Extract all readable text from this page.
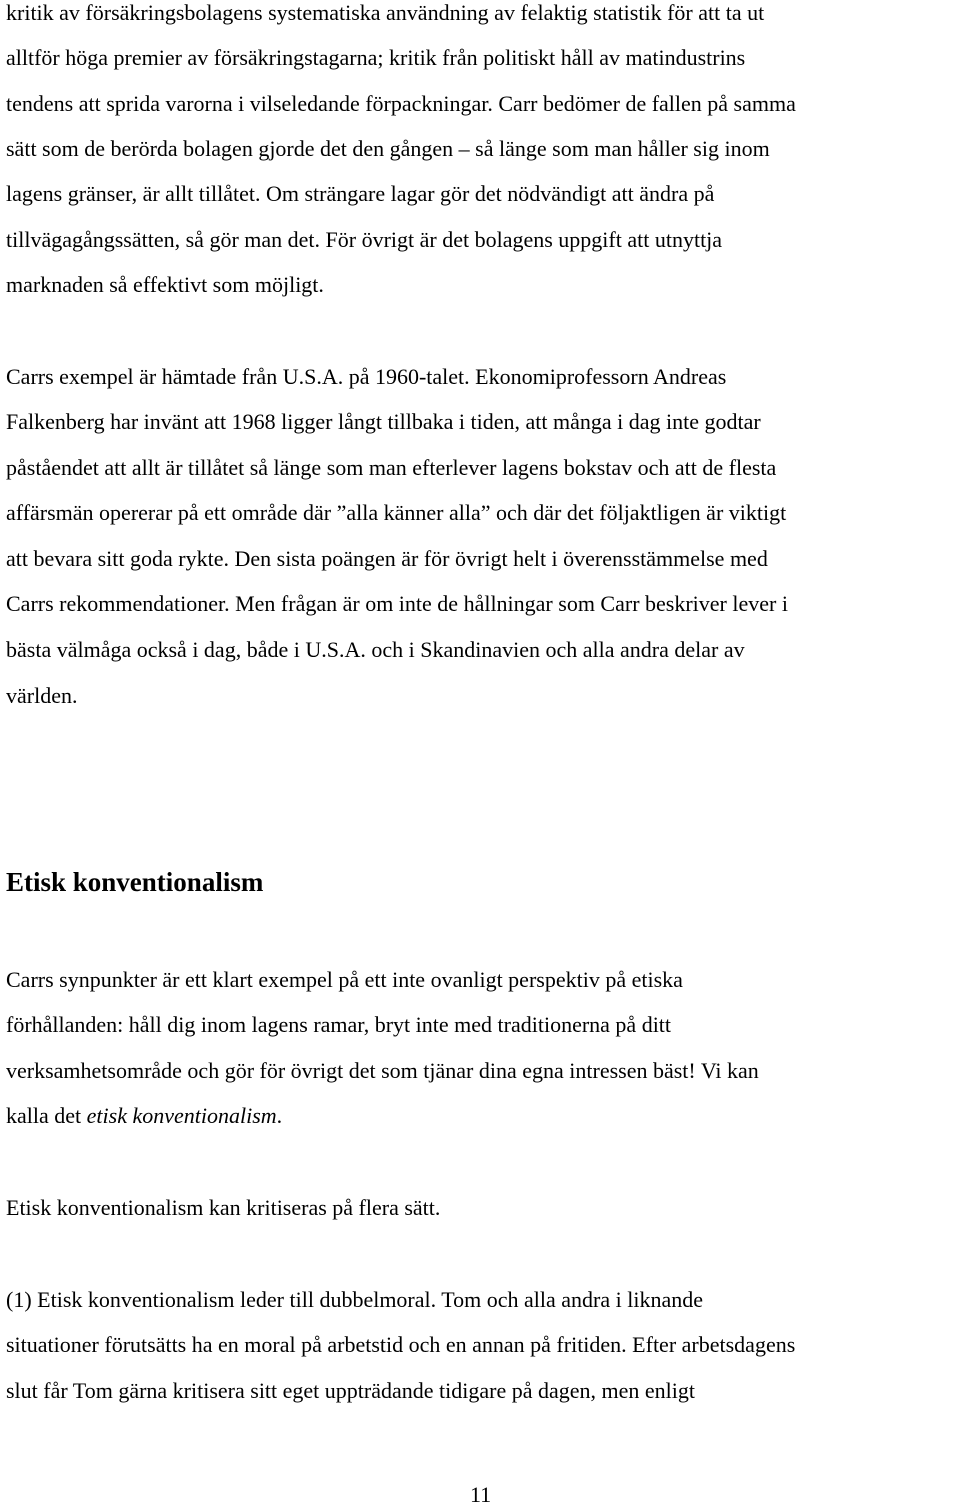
kritik av försäkringsbolagens systematiska användning av felaktig statistik för att ta ut
alltför höga premier av försäkringstagarna; kritik från politiskt håll av matindustrins
tendens att sprida varorna i vilseledande förpackningar. Carr bedömer de fallen på samma
sätt som de berörda bolagen gjorde det den gången – så länge som man håller sig inom
lagens gränser, är allt tillåtet. Om strängare lagar gör det nödvändigt att ändra på
tillvägagångssätten, så gör man det. För övrigt är det bolagens uppgift att utnyttja
marknaden så effektivt som möjligt.
Carrs exempel är hämtade från U.S.A. på 1960-talet. Ekonomiprofessorn Andreas
Falkenberg har invänt att 1968 ligger långt tillbaka i tiden, att många i dag inte godtar
påståendet att allt är tillåtet så länge som man efterlever lagens bokstav och att de flesta
affärsmän opererar på ett område där ”alla känner alla” och där det följaktligen är viktigt
att bevara sitt goda rykte. Den sista poängen är för övrigt helt i överensstämmelse med
Carrs rekommendationer. Men frågan är om inte de hållningar som Carr beskriver lever i
bästa välmåga också i dag, både i U.S.A. och i Skandinavien och alla andra delar av
världen.
Etisk konventionalism
Carrs synpunkter är ett klart exempel på ett inte ovanligt perspektiv på etiska
förhållanden: håll dig inom lagens ramar, bryt inte med traditionerna på ditt
verksamhetsområde och gör för övrigt det som tjänar dina egna intressen bäst! Vi kan
kalla det etisk konventionalism.
Etisk konventionalism kan kritiseras på flera sätt.
(1) Etisk konventionalism leder till dubbelmoral. Tom och alla andra i liknande
situationer förutsätts ha en moral på arbetstid och en annan på fritiden. Efter arbetsdagens
slut får Tom gärna kritisera sitt eget uppträdande tidigare på dagen, men enligt
11
